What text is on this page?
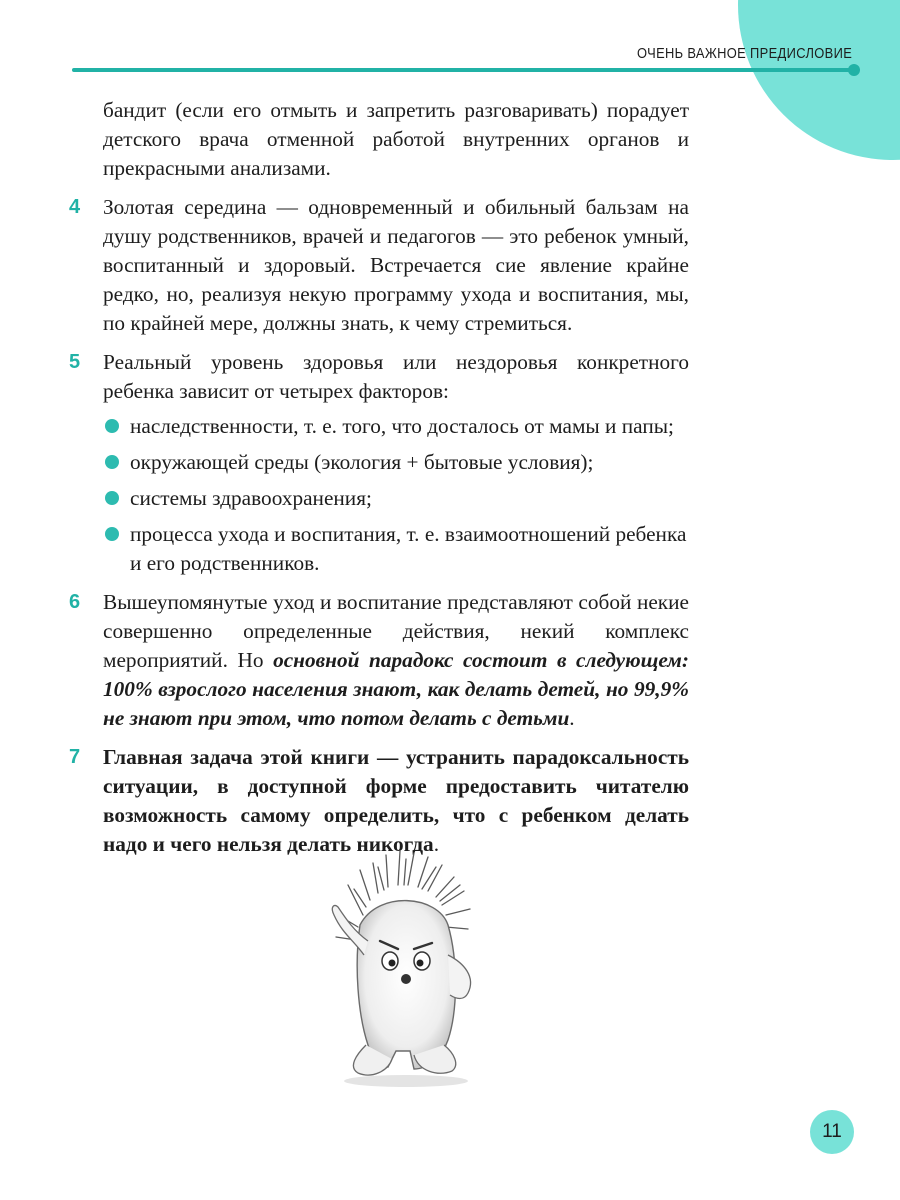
ОЧЕНЬ ВАЖНОЕ ПРЕДИСЛОВИЕ

бандит (если его отмыть и запретить разговаривать) порадует детского врача отменной работой внутренних органов и прекрасными анализами.

4 Золотая середина — одновременный и обильный бальзам на душу родственников, врачей и педагогов — это ребенок умный, воспитанный и здоровый. Встречается сие явление крайне редко, но, реализуя некую программу ухода и воспитания, мы, по крайней мере, должны знать, к чему стремиться.
5 Реальный уровень здоровья или нездоровья конкретного ребенка зависит от четырех факторов:
наследственности, т. е. того, что досталось от мамы и папы;
окружающей среды (экология + бытовые условия);
системы здравоохранения;
процесса ухода и воспитания, т. е. взаимоотношений ребенка и его родственников.
6 Вышеупомянутые уход и воспитание представляют собой некие совершенно определенные действия, некий комплекс мероприятий. Но основной парадокс состоит в следующем: 100% взрослого населения знают, как делать детей, но 99,9% не знают при этом, что потом делать с детьми.
7 Главная задача этой книги — устранить парадоксальность ситуации, в доступной форме предоставить читателю возможность самому определить, что с ребенком делать надо и чего нельзя делать никогда.
11
